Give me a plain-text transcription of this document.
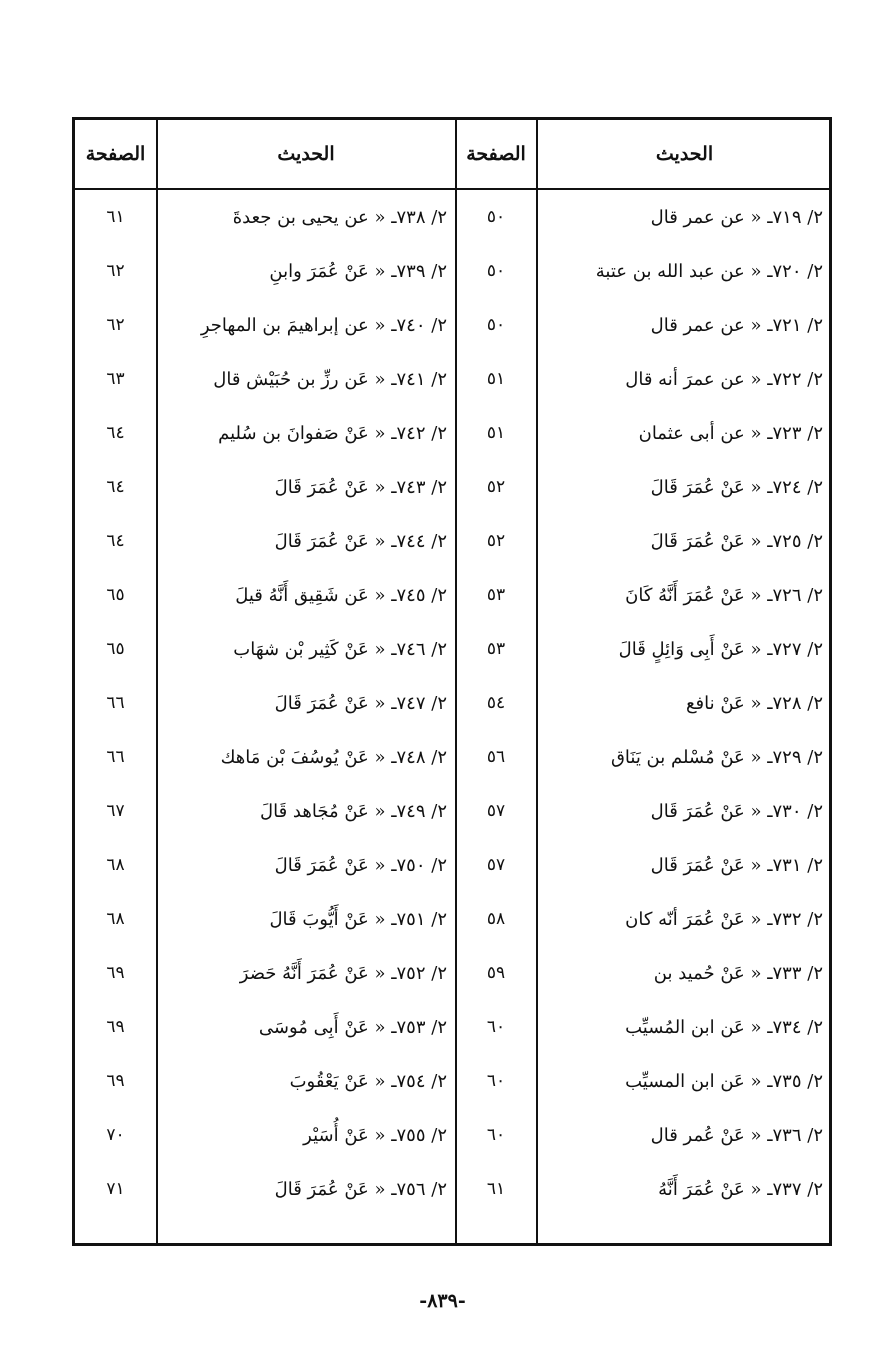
الحديث
الصفحة
الحديث
الصفحة
٢/ ٧١٩ـ « عن عمر قال
٥٠
٢/ ٧٣٨ـ « عن يحيى بن جعدةَ
٦١
٢/ ٧٢٠ـ « عن عبد الله بن عتبة
٥٠
٢/ ٧٣٩ـ « عَنْ عُمَرَ وابنِ
٦٢
٢/ ٧٢١ـ « عن عمر قال
٥٠
٢/ ٧٤٠ـ « عن إبراهيمَ بن المهاجرِ
٦٢
٢/ ٧٢٢ـ « عن عمرَ أنه قال
٥١
٢/ ٧٤١ـ « عَن رزِّ بن حُبَيْش قال
٦٣
٢/ ٧٢٣ـ « عن أبى عثمان
٥١
٢/ ٧٤٢ـ « عَنْ صَفوانَ بن سُليم
٦٤
٢/ ٧٢٤ـ « عَنْ عُمَرَ قَالَ
٥٢
٢/ ٧٤٣ـ « عَنْ عُمَرَ قَالَ
٦٤
٢/ ٧٢٥ـ « عَنْ عُمَرَ قَالَ
٥٢
٢/ ٧٤٤ـ « عَنْ عُمَرَ قَالَ
٦٤
٢/ ٧٢٦ـ « عَنْ عُمَرَ أَنَّهُ كَانَ
٥٣
٢/ ٧٤٥ـ « عَن شَقِيق أَنَّهُ قيلَ
٦٥
٢/ ٧٢٧ـ « عَنْ أَبِى وَائِلٍ قَالَ
٥٣
٢/ ٧٤٦ـ « عَنْ كَثِير بْن شهَاب
٦٥
٢/ ٧٢٨ـ « عَنْ نافع
٥٤
٢/ ٧٤٧ـ « عَنْ عُمَرَ قَالَ
٦٦
٢/ ٧٢٩ـ « عَنْ مُسْلم بن يَنَاق
٥٦
٢/ ٧٤٨ـ « عَنْ يُوسُفَ بْن مَاهك
٦٦
٢/ ٧٣٠ـ « عَنْ عُمَرَ قَال
٥٧
٢/ ٧٤٩ـ « عَنْ مُجَاهد قَالَ
٦٧
٢/ ٧٣١ـ « عَنْ عُمَرَ قَال
٥٧
٢/ ٧٥٠ـ « عَنْ عُمَرَ قَالَ
٦٨
٢/ ٧٣٢ـ « عَنْ عُمَرَ أنّه كان
٥٨
٢/ ٧٥١ـ « عَنْ أَيُّوبَ قَالَ
٦٨
٢/ ٧٣٣ـ « عَنْ حُميد بن
٥٩
٢/ ٧٥٢ـ « عَنْ عُمَرَ أَنَّهُ حَضرَ
٦٩
٢/ ٧٣٤ـ « عَن ابن المُسيِّب
٦٠
٢/ ٧٥٣ـ « عَنْ أَبِى مُوسَى
٦٩
٢/ ٧٣٥ـ « عَن ابن المسيِّب
٦٠
٢/ ٧٥٤ـ « عَنْ يَعْقُوبَ
٦٩
٢/ ٧٣٦ـ « عَنْ عُمر قال
٦٠
٢/ ٧٥٥ـ « عَنْ أُسَيْر
٧٠
٢/ ٧٣٧ـ « عَنْ عُمَرَ أَنَّهُ
٦١
٢/ ٧٥٦ـ « عَنْ عُمَرَ قَالَ
٧١
-٨٣٩-
